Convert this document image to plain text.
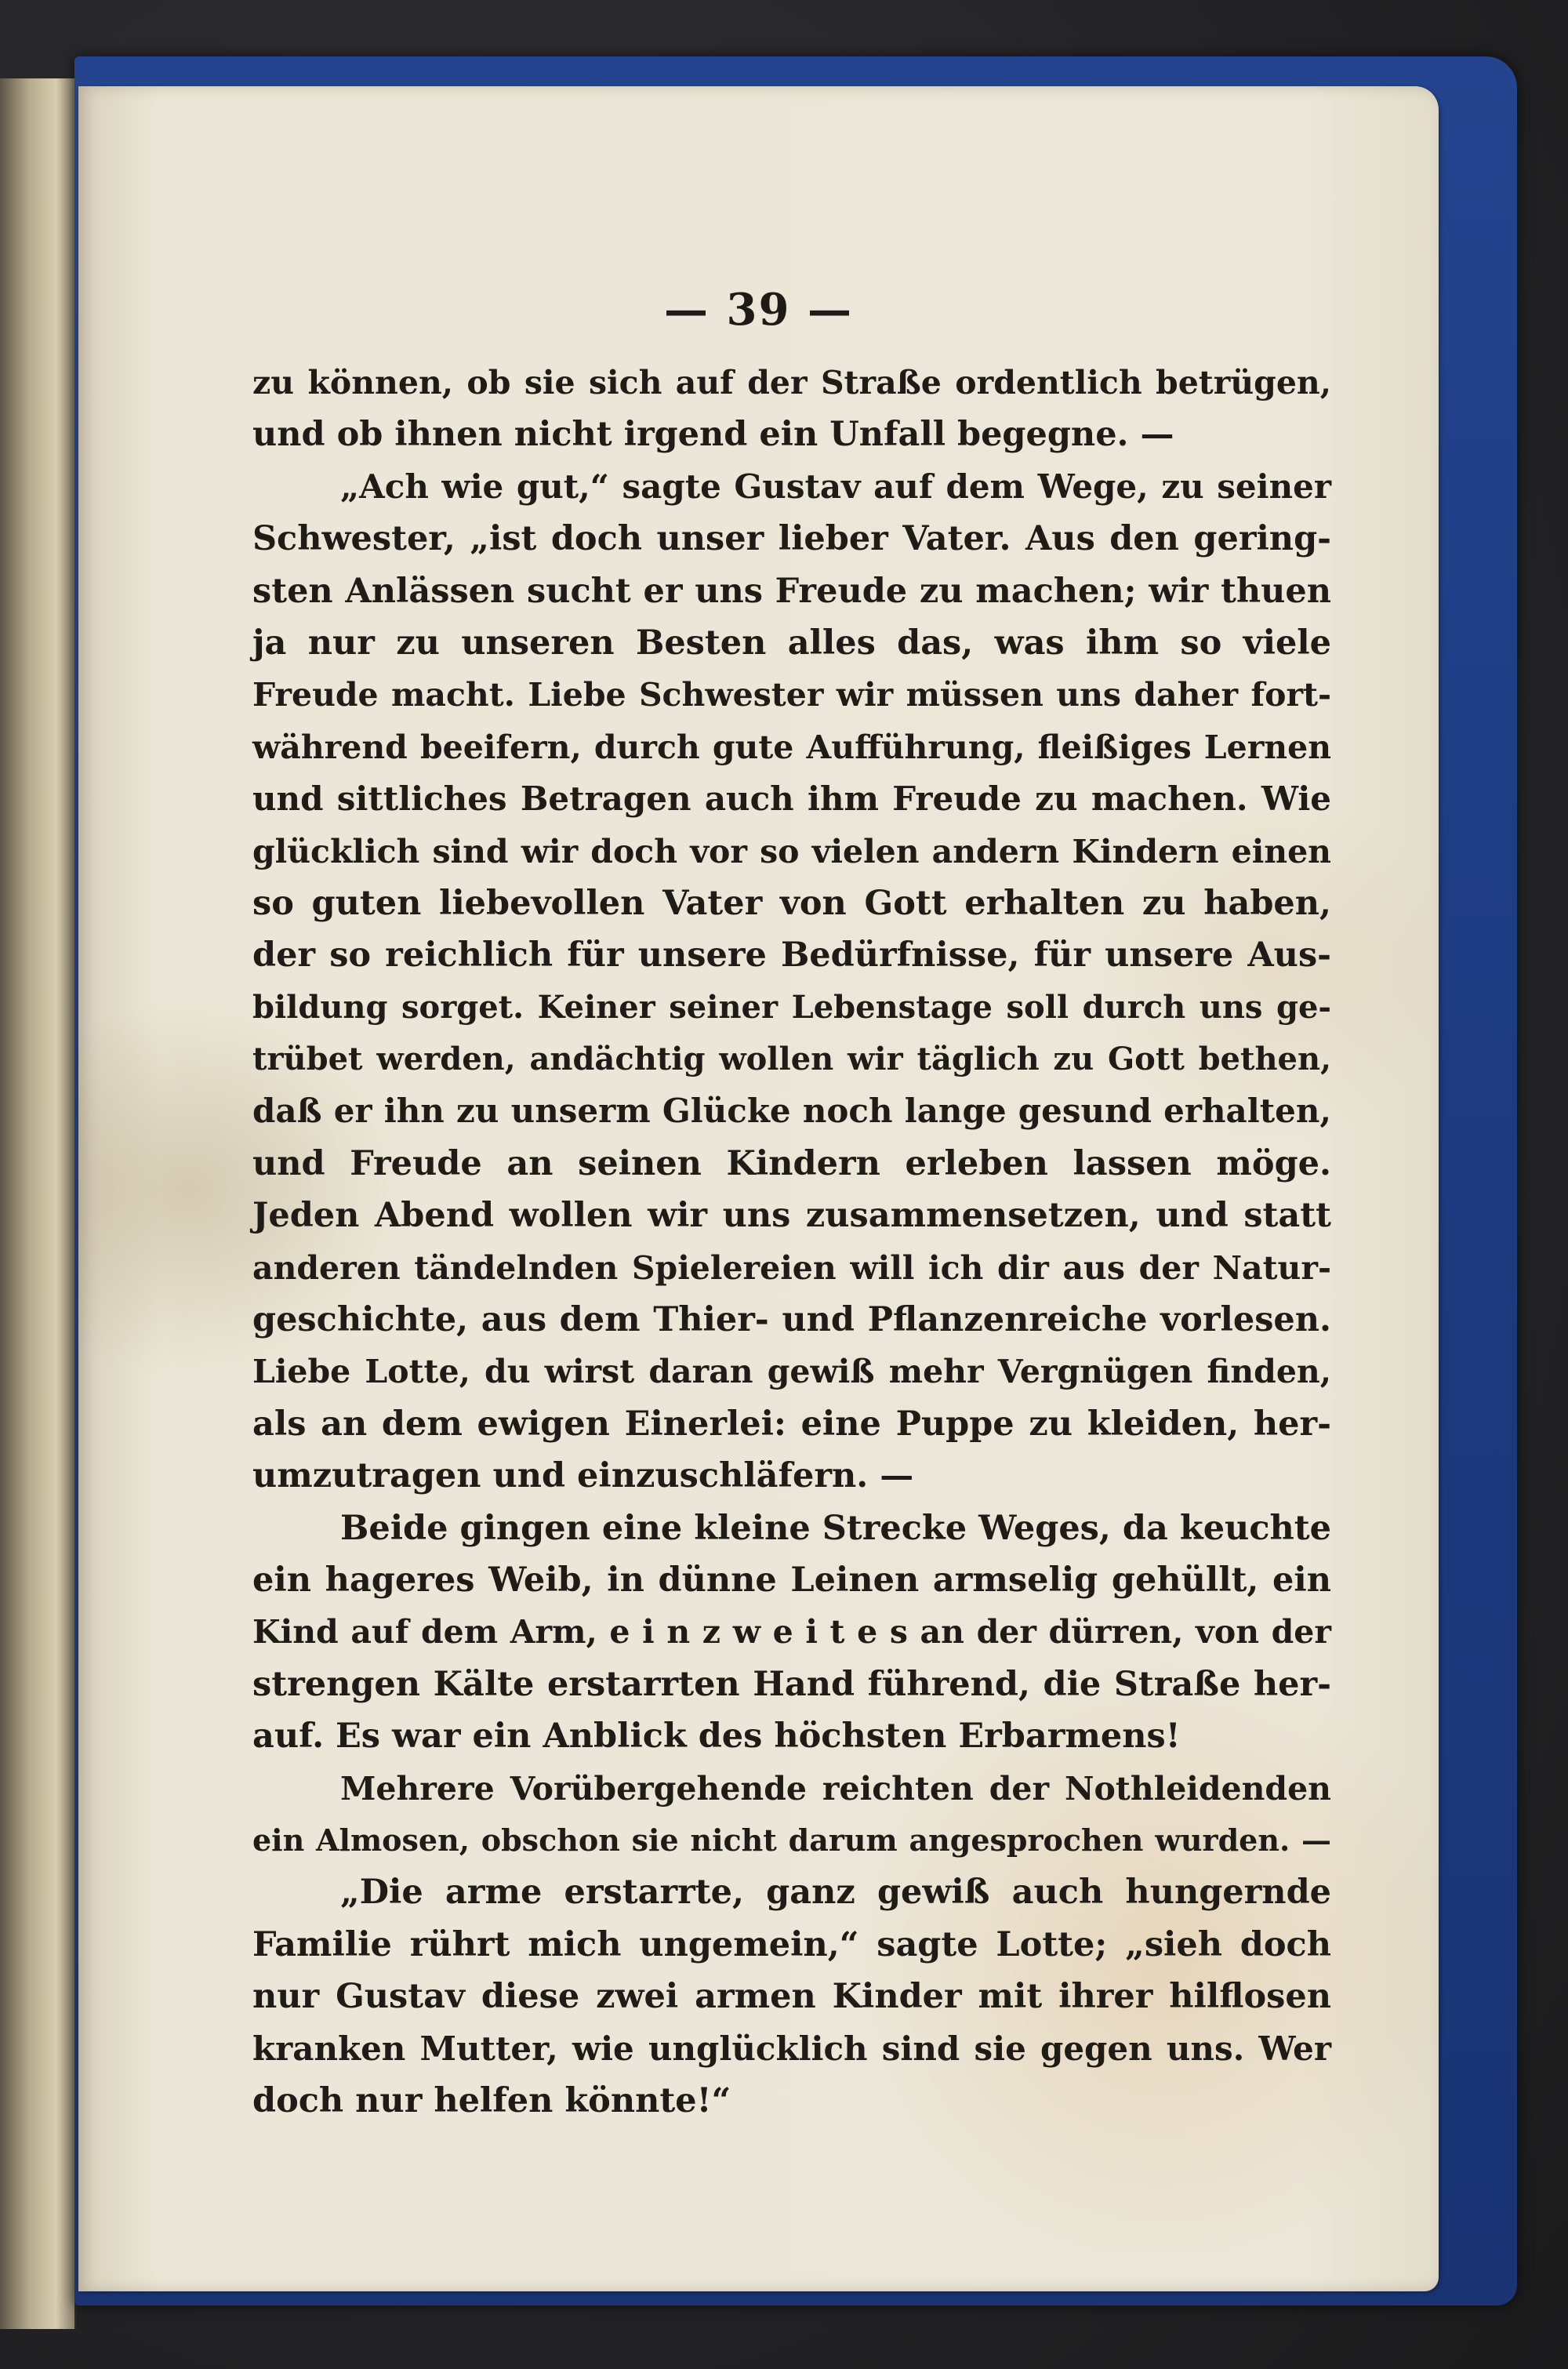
— 39 —
zu können, ob sie sich auf der Straße ordentlich betrügen,
und ob ihnen nicht irgend ein Unfall begegne. —
„Ach wie gut,“ sagte Gustav auf dem Wege, zu seiner
Schwester, „ist doch unser lieber Vater. Aus den gering-
sten Anlässen sucht er uns Freude zu machen; wir thuen
ja nur zu unseren Besten alles das, was ihm so viele
Freude macht. Liebe Schwester wir müssen uns daher fort-
während beeifern, durch gute Aufführung, fleißiges Lernen
und sittliches Betragen auch ihm Freude zu machen. Wie
glücklich sind wir doch vor so vielen andern Kindern einen
so guten liebevollen Vater von Gott erhalten zu haben,
der so reichlich für unsere Bedürfnisse, für unsere Aus-
bildung sorget. Keiner seiner Lebenstage soll durch uns ge-
trübet werden, andächtig wollen wir täglich zu Gott bethen,
daß er ihn zu unserm Glücke noch lange gesund erhalten,
und Freude an seinen Kindern erleben lassen möge.
Jeden Abend wollen wir uns zusammensetzen, und statt
anderen tändelnden Spielereien will ich dir aus der Natur-
geschichte, aus dem Thier- und Pflanzenreiche vorlesen.
Liebe Lotte, du wirst daran gewiß mehr Vergnügen finden,
als an dem ewigen Einerlei: eine Puppe zu kleiden, her-
umzutragen und einzuschläfern. —
Beide gingen eine kleine Strecke Weges, da keuchte
ein hageres Weib, in dünne Leinen armselig gehüllt, ein
Kind auf dem Arm, e i n z w e i t e s an der dürren, von der
strengen Kälte erstarrten Hand führend, die Straße her-
auf. Es war ein Anblick des höchsten Erbarmens!
Mehrere Vorübergehende reichten der Nothleidenden
ein Almosen, obschon sie nicht darum angesprochen wurden. —
„Die arme erstarrte, ganz gewiß auch hungernde
Familie rührt mich ungemein,“ sagte Lotte; „sieh doch
nur Gustav diese zwei armen Kinder mit ihrer hilflosen
kranken Mutter, wie unglücklich sind sie gegen uns. Wer
doch nur helfen könnte!“
